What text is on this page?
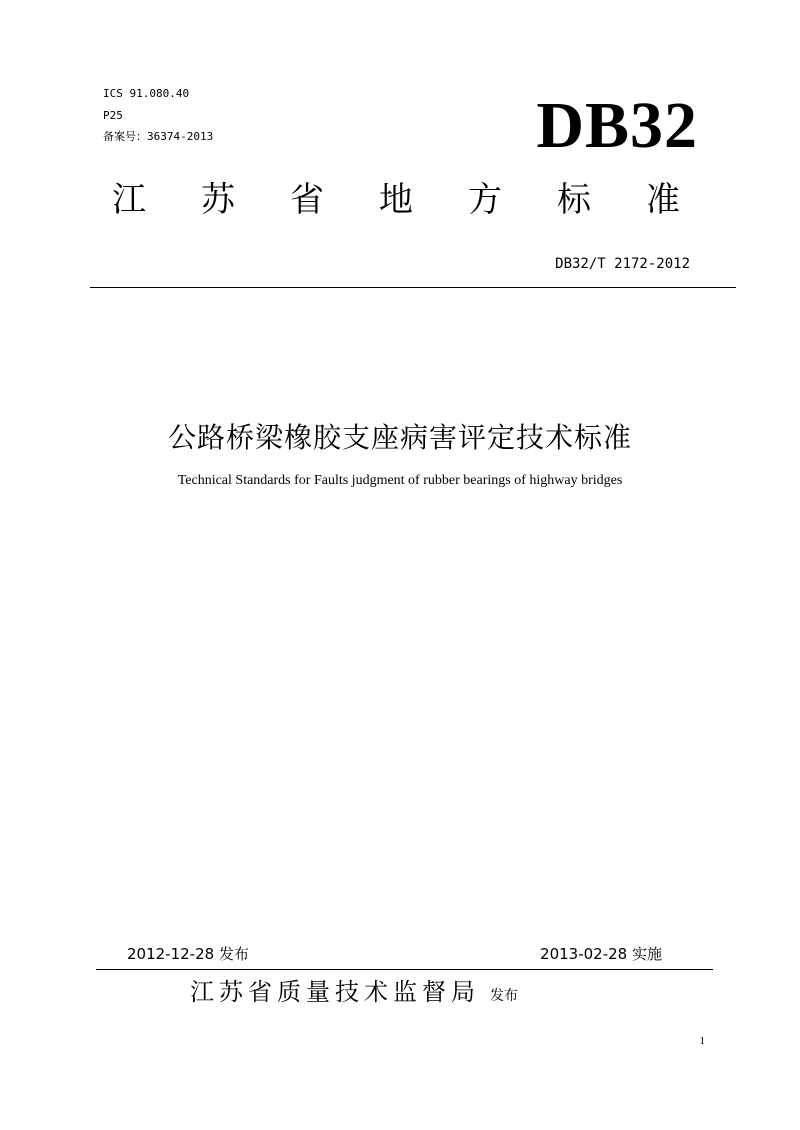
ICS 91.080.40
P25
备案号：36374-2013	DB32
江 苏 省 地 方 标 准
DB32/T 2172-2012
公路桥梁橡胶支座病害评定技术标准
Technical Standards for Faults judgment of rubber bearings of highway bridges
2012-12-28 发布	2013-02-28 实施
江苏省质量技术监督局 发布
1
